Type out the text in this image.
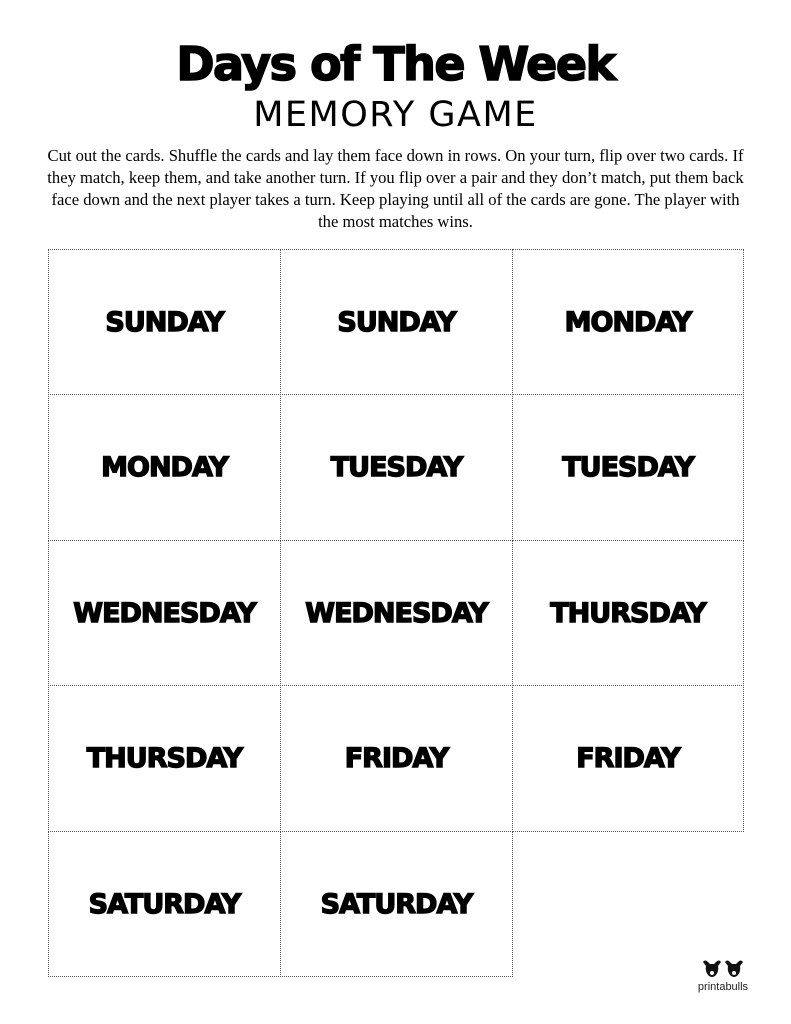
Days of The Week
MEMORY GAME

Cut out the cards. Shuffle the cards and lay them face down in rows. On your turn, flip over two cards. If they match, keep them, and take another turn. If you flip over a pair and they don’t match, put them back face down and the next player takes a turn. Keep playing until all of the cards are gone. The player with the most matches wins.

SUNDAY	SUNDAY	MONDAY
MONDAY	TUESDAY	TUESDAY
WEDNESDAY WEDNESDAY THURSDAY
THURSDAY	FRIDAY	FRIDAY
SATURDAY	SATURDAY
printabulls
